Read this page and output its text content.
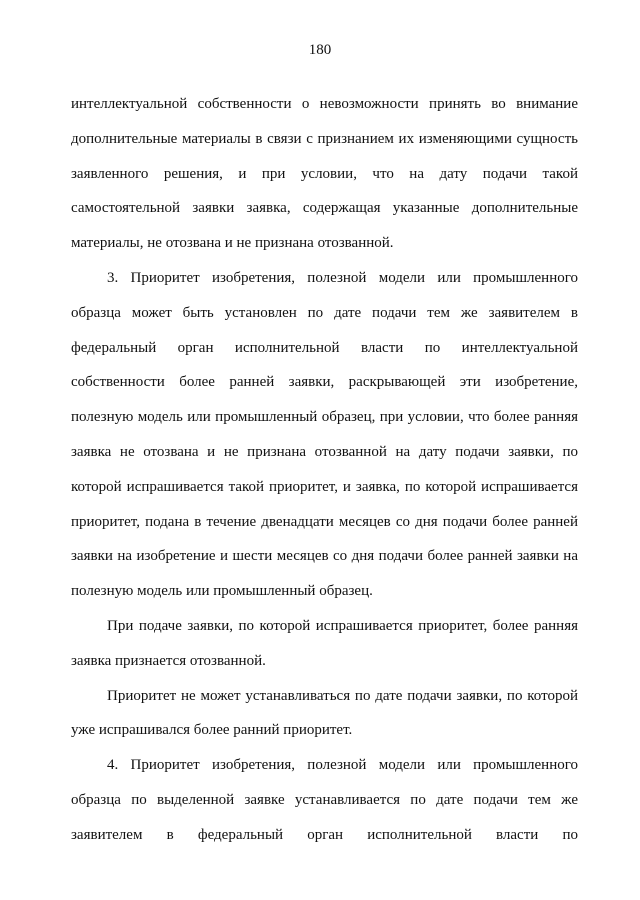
180

интеллектуальной собственности о невозможности принять во внимание дополнительные материалы в связи с признанием их изменяющими сущность заявленного решения, и при условии, что на дату подачи такой самостоятельной заявки заявка, содержащая указанные дополнительные материалы, не отозвана и не признана отозванной.

3. Приоритет изобретения, полезной модели или промышленного образца может быть установлен по дате подачи тем же заявителем в федеральный орган исполнительной власти по интеллектуальной собственности более ранней заявки, раскрывающей эти изобретение, полезную модель или промышленный образец, при условии, что более ранняя заявка не отозвана и не признана отозванной на дату подачи заявки, по которой испрашивается такой приоритет, и заявка, по которой испрашивается приоритет, подана в течение двенадцати месяцев со дня подачи более ранней заявки на изобретение и шести месяцев со дня подачи более ранней заявки на полезную модель или промышленный образец.

При подаче заявки, по которой испрашивается приоритет, более ранняя заявка признается отозванной.

Приоритет не может устанавливаться по дате подачи заявки, по которой уже испрашивался более ранний приоритет.

4. Приоритет изобретения, полезной модели или промышленного образца по выделенной заявке устанавливается по дате подачи тем же заявителем в федеральный орган исполнительной власти по
